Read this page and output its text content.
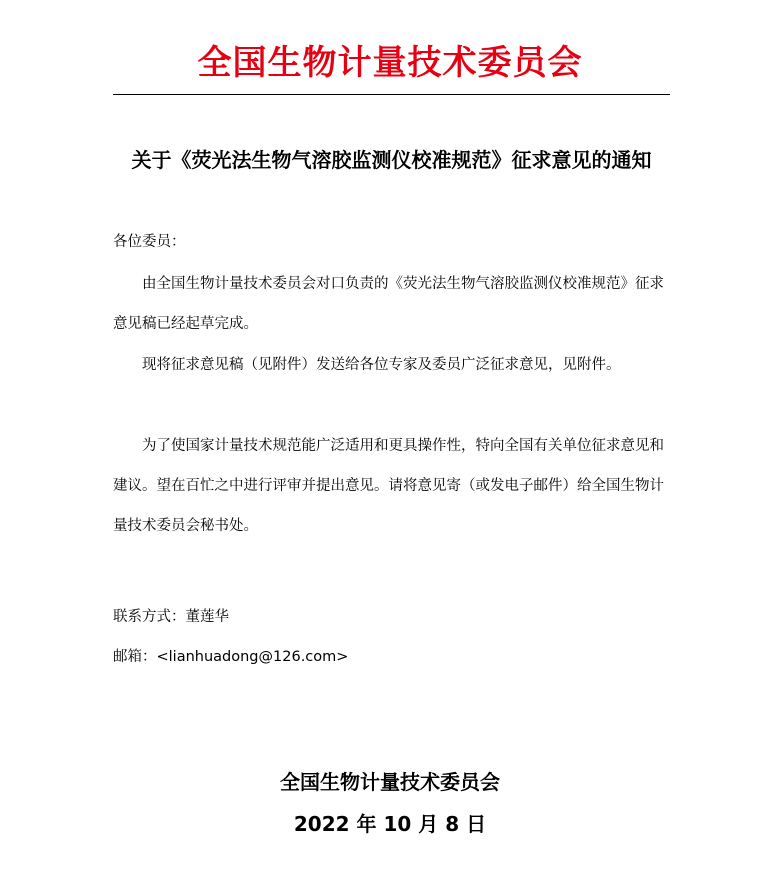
全国生物计量技术委员会
关于《荧光法生物气溶胶监测仪校准规范》征求意见的通知
各位委员：
由全国生物计量技术委员会对口负责的《荧光法生物气溶胶监测仪校准规范》征求意见稿已经起草完成。
现将征求意见稿（见附件）发送给各位专家及委员广泛征求意见，见附件。
为了使国家计量技术规范能广泛适用和更具操作性，特向全国有关单位征求意见和建议。望在百忙之中进行评审并提出意见。请将意见寄（或发电子邮件）给全国生物计量技术委员会秘书处。
联系方式：董莲华
邮箱：<lianhuadong@126.com>
全国生物计量技术委员会
2022 年 10 月 8 日
